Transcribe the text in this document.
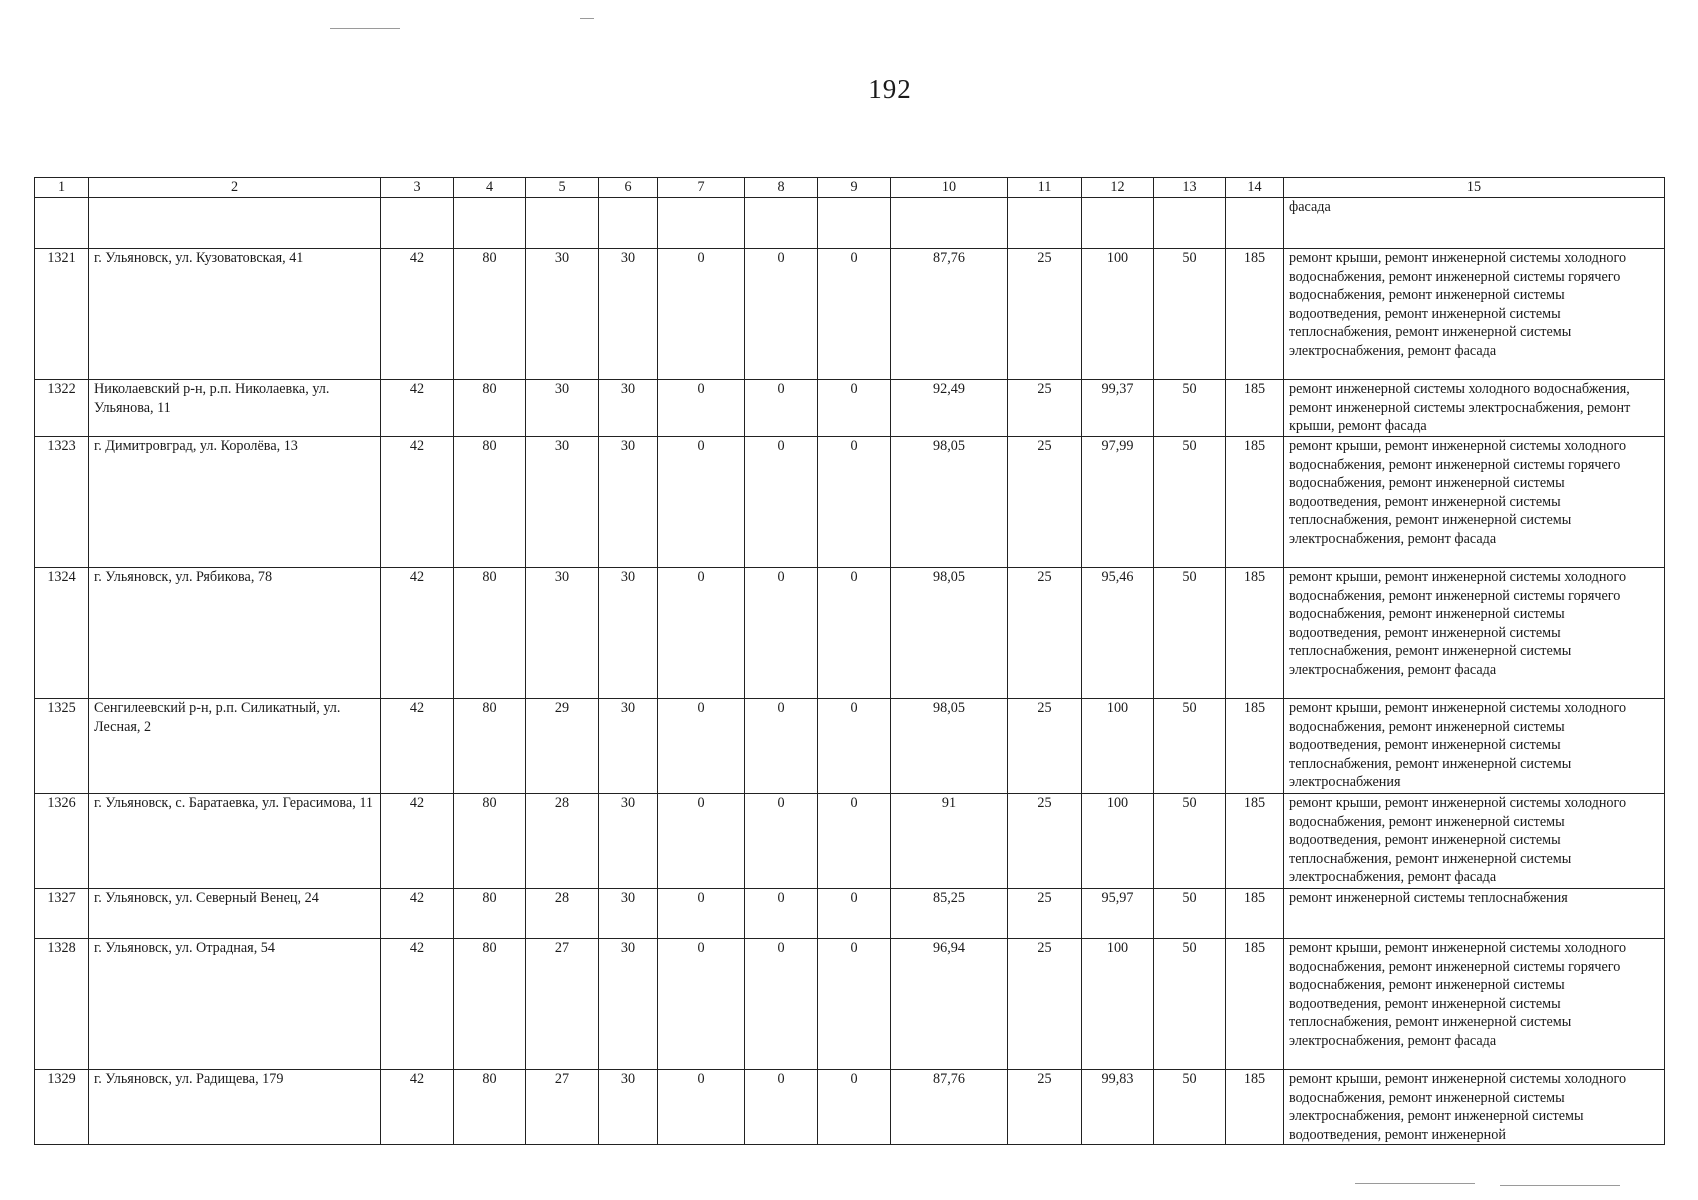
192
1	2	3	4	5	6	7	8	9	10	11	12	13	14	15
														фасада
1321	г. Ульяновск, ул. Кузоватовская, 41	42	80	30	30	0	0	0	87,76	25	100	50	185	ремонт крыши, ремонт инженерной системы холодного водоснабжения, ремонт инженерной системы горячего водоснабжения, ремонт инженерной системы водоотведения, ремонт инженерной системы теплоснабжения, ремонт инженерной системы электроснабжения, ремонт фасада
1322	Николаевский р-н, р.п. Николаевка, ул. Ульянова, 11	42	80	30	30	0	0	0	92,49	25	99,37	50	185	ремонт инженерной системы холодного водоснабжения, ремонт инженерной системы электроснабжения, ремонт крыши, ремонт фасада
1323	г. Димитровград, ул. Королёва, 13	42	80	30	30	0	0	0	98,05	25	97,99	50	185	ремонт крыши, ремонт инженерной системы холодного водоснабжения, ремонт инженерной системы горячего водоснабжения, ремонт инженерной системы водоотведения, ремонт инженерной системы теплоснабжения, ремонт инженерной системы электроснабжения, ремонт фасада
1324	г. Ульяновск, ул. Рябикова, 78	42	80	30	30	0	0	0	98,05	25	95,46	50	185	ремонт крыши, ремонт инженерной системы холодного водоснабжения, ремонт инженерной системы горячего водоснабжения, ремонт инженерной системы водоотведения, ремонт инженерной системы теплоснабжения, ремонт инженерной системы электроснабжения, ремонт фасада
1325	Сенгилеевский р-н, р.п. Силикатный, ул. Лесная, 2	42	80	29	30	0	0	0	98,05	25	100	50	185	ремонт крыши, ремонт инженерной системы холодного водоснабжения, ремонт инженерной системы водоотведения, ремонт инженерной системы теплоснабжения, ремонт инженерной системы электроснабжения
1326	г. Ульяновск, с. Баратаевка, ул. Герасимова, 11	42	80	28	30	0	0	0	91	25	100	50	185	ремонт крыши, ремонт инженерной системы холодного водоснабжения, ремонт инженерной системы водоотведения, ремонт инженерной системы теплоснабжения, ремонт инженерной системы электроснабжения, ремонт фасада
1327	г. Ульяновск, ул. Северный Венец, 24	42	80	28	30	0	0	0	85,25	25	95,97	50	185	ремонт инженерной системы теплоснабжения
1328	г. Ульяновск, ул. Отрадная, 54	42	80	27	30	0	0	0	96,94	25	100	50	185	ремонт крыши, ремонт инженерной системы холодного водоснабжения, ремонт инженерной системы горячего водоснабжения, ремонт инженерной системы водоотведения, ремонт инженерной системы теплоснабжения, ремонт инженерной системы электроснабжения, ремонт фасада
1329	г. Ульяновск, ул. Радищева, 179	42	80	27	30	0	0	0	87,76	25	99,83	50	185	ремонт крыши, ремонт инженерной системы холодного водоснабжения, ремонт инженерной системы электроснабжения, ремонт инженерной системы водоотведения, ремонт инженерной
